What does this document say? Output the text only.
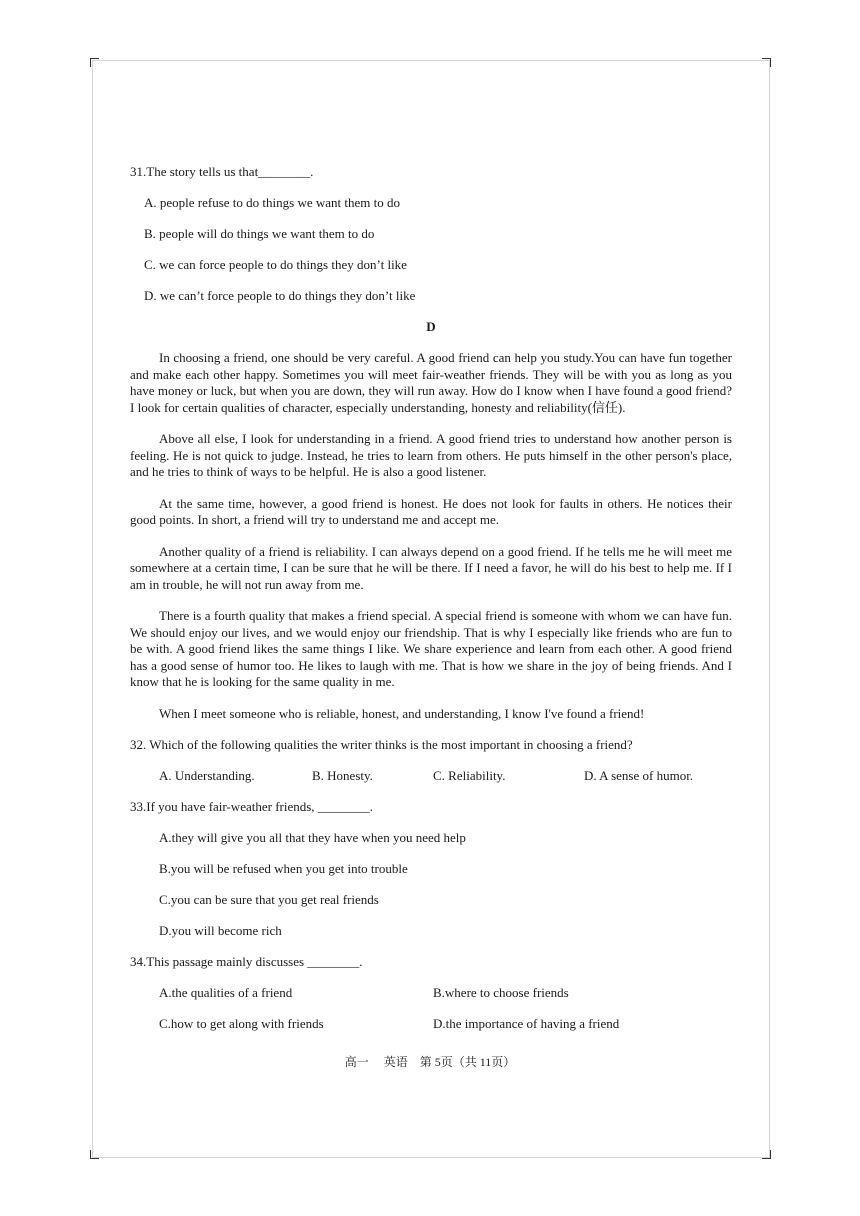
31.The story tells us that________.

A. people refuse to do things we want them to do

B. people will do things we want them to do

C. we can force people to do things they don’t like

D. we can’t force people to do things they don’t like

D

In choosing a friend, one should be very careful. A good friend can help you study.You can have fun together and make each other happy. Sometimes you will meet fair-weather friends. They will be with you as long as you have money or luck, but when you are down, they will run away. How do I know when I have found a good friend? I look for certain qualities of character, especially understanding, honesty and reliability(信任).

Above all else, I look for understanding in a friend. A good friend tries to understand how another person is feeling. He is not quick to judge. Instead, he tries to learn from others. He puts himself in the other person's place, and he tries to think of ways to be helpful. He is also a good listener.

At the same time, however, a good friend is honest. He does not look for faults in others. He notices their good points. In short, a friend will try to understand me and accept me.

Another quality of a friend is reliability. I can always depend on a good friend. If he tells me he will meet me somewhere at a certain time, I can be sure that he will be there. If I need a favor, he will do his best to help me. If I am in trouble, he will not run away from me.

There is a fourth quality that makes a friend special. A special friend is someone with whom we can have fun. We should enjoy our lives, and we would enjoy our friendship. That is why I especially like friends who are fun to be with. A good friend likes the same things I like. We share experience and learn from each other. A good friend has a good sense of humor too. He likes to laugh with me. That is how we share in the joy of being friends. And I know that he is looking for the same quality in me.

When I meet someone who is reliable, honest, and understanding, I know I've found a friend!

32. Which of the following qualities the writer thinks is the most important in choosing a friend?

A. Understanding.	B. Honesty.	C. Reliability.	D. A sense of humor.

33.If you have fair-weather friends, ________.

A.they will give you all that they have when you need help

B.you will be refused when you get into trouble

C.you can be sure that you get real friends

D.you will become rich

34.This passage mainly discusses ________.

A.the qualities of a friend	B.where to choose friends
C.how to get along with friends	D.the importance of having a friend
高一　 英语　第 5页（共 11页）
